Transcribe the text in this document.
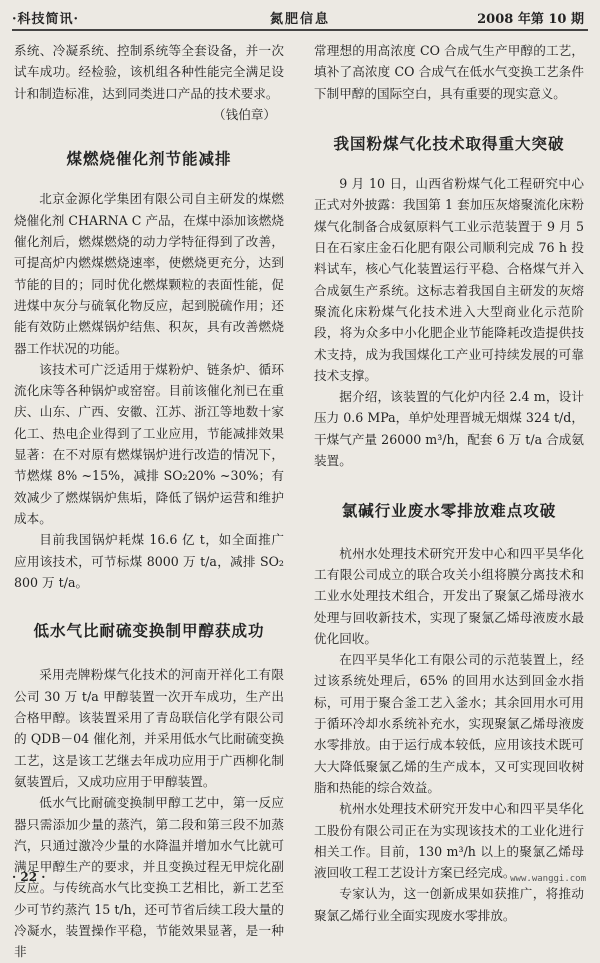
·科技简讯·	氮肥信息	2008 年第 10 期

系统、冷凝系统、控制系统等全套设备，并一次试车成功。经检验，该机组各种性能完全满足设计和制造标准，达到同类进口产品的技术要求。

（钱伯章）

煤燃烧催化剂节能减排

北京金源化学集团有限公司自主研发的煤燃烧催化剂 CHARNA C 产品，在煤中添加该燃烧催化剂后，燃煤燃烧的动力学特征得到了改善，可提高炉内燃煤燃烧速率，使燃烧更充分，达到节能的目的；同时优化燃煤颗粒的表面性能，促进煤中灰分与硫氧化物反应，起到脱硫作用；还能有效防止燃煤锅炉结焦、积灰，具有改善燃烧器工作状况的功能。

该技术可广泛适用于煤粉炉、链条炉、循环流化床等各种锅炉或窑窑。目前该催化剂已在重庆、山东、广西、安徽、江苏、浙江等地数十家化工、热电企业得到了工业应用，节能减排效果显著：在不对原有燃煤锅炉进行改造的情况下，节燃煤 8% ~15%，减排 SO₂20% ~30%；有效减少了燃煤锅炉焦垢，降低了锅炉运营和维护成本。

目前我国锅炉耗煤 16.6 亿 t，如全面推广应用该技术，可节标煤 8000 万 t/a，减排 SO₂ 800 万 t/a。

低水气比耐硫变换制甲醇获成功

采用壳牌粉煤气化技术的河南开祥化工有限公司 30 万 t/a 甲醇装置一次开车成功，生产出合格甲醇。该装置采用了青岛联信化学有限公司的 QDB－04 催化剂，并采用低水气比耐硫变换工艺，这是该工艺继去年成功应用于广西柳化制氨装置后，又成功应用于甲醇装置。

低水气比耐硫变换制甲醇工艺中，第一反应器只需添加少量的蒸汽，第二段和第三段不加蒸汽，只通过激冷少量的水降温并增加水气比就可满足甲醇生产的要求，并且变换过程无甲烷化副反应。与传统高水气比变换工艺相比，新工艺至少可节约蒸汽 15 t/h，还可节省后续工段大量的冷凝水，装置操作平稳，节能效果显著，是一种非

常理想的用高浓度 CO 合成气生产甲醇的工艺，填补了高浓度 CO 合成气在低水气变换工艺条件下制甲醇的国际空白，具有重要的现实意义。

我国粉煤气化技术取得重大突破

9 月 10 日，山西省粉煤气化工程研究中心正式对外披露：我国第 1 套加压灰熔聚流化床粉煤气化制备合成氨原料气工业示范装置于 9 月 5 日在石家庄金石化肥有限公司顺利完成 76 h 投料试车，核心气化装置运行平稳、合格煤气并入合成氨生产系统。这标志着我国自主研发的灰熔聚流化床粉煤气化技术进入大型商业化示范阶段，将为众多中小化肥企业节能降耗改造提供技术支持，成为我国煤化工产业可持续发展的可靠技术支撑。

据介绍，该装置的气化炉内径 2.4 m，设计压力 0.6 MPa，单炉处理晋城无烟煤 324 t/d，干煤气产量 26000 m³/h，配套 6 万 t/a 合成氨装置。

氯碱行业废水零排放难点攻破

杭州水处理技术研究开发中心和四平昊华化工有限公司成立的联合攻关小组将膜分离技术和工业水处理技术组合，开发出了聚氯乙烯母液水处理与回收新技术，实现了聚氯乙烯母液废水最优化回收。

在四平昊华化工有限公司的示范装置上，经过该系统处理后，65% 的回用水达到回金水指标，可用于聚合釜工艺入釜水；其余回用水可用于循环冷却水系统补充水，实现聚氯乙烯母液废水零排放。由于运行成本较低，应用该技术既可大大降低聚氯乙烯的生产成本，又可实现回收树脂和热能的综合效益。

杭州水处理技术研究开发中心和四平昊华化工股份有限公司正在为实现该技术的工业化进行相关工作。目前，130 m³/h 以上的聚氯乙烯母液回收工程工艺设计方案已经完成。

专家认为，这一创新成果如获推广，将推动聚氯乙烯行业全面实现废水零排放。

· 22 ·	www.wanggi.com
